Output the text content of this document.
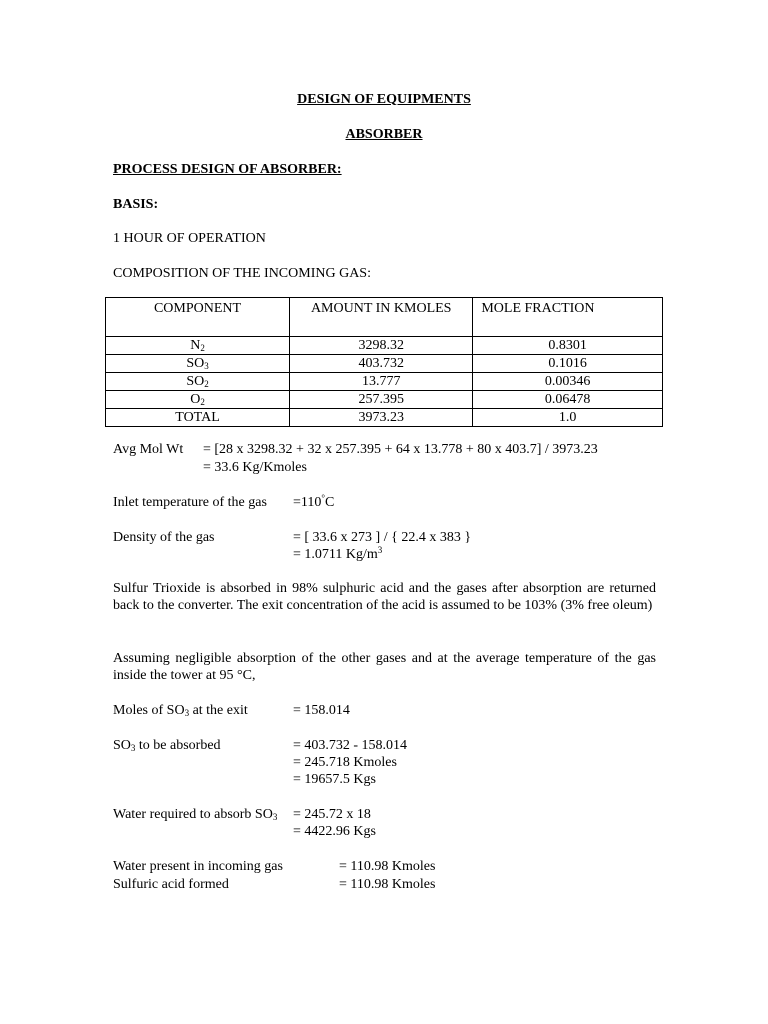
DESIGN OF EQUIPMENTS
ABSORBER
PROCESS DESIGN OF ABSORBER:
BASIS:
1 HOUR OF OPERATION
COMPOSITION OF THE INCOMING GAS:
COMPONENT	AMOUNT IN KMOLES	MOLE FRACTION
$N_2$	3298.32	0.8301
$SO_3$	403.732	0.1016
$SO_2$	13.777	0.00346
$O_2$	257.395	0.06478
TOTAL	3973.23	1.0
Avg Mol Wt = [28 x 3298.32 + 32 x 257.395 + 64 x 13.778 + 80 x 403.7] / 3973.23
= 33.6 Kg/Kmoles
Inlet temperature of the gas =110°C
Density of the gas	= [ 33.6 x 273 ] / { 22.4 x 383 }
= 1.0711 $Kg/m^3$
Sulfur Trioxide is absorbed in 98% sulphuric acid and the gases after absorption are returned back to the converter. The exit concentration of the acid is assumed to be 103% (3% free oleum)
Assuming negligible absorption of the other gases and at the average temperature of the gas inside the tower at 95 °C,
Moles of $SO_3$ at the exit	= 158.014
$SO_3$ to be absorbed	= 403.732 - 158.014
= 245.718 Kmoles
= 19657.5 Kgs
Water required to absorb $SO_3 = 245.72$ x 18
= 4422.96 Kgs
Water present in incoming gas	= 110.98 Kmoles
Sulfuric acid formed	= 110.98 Kmoles
